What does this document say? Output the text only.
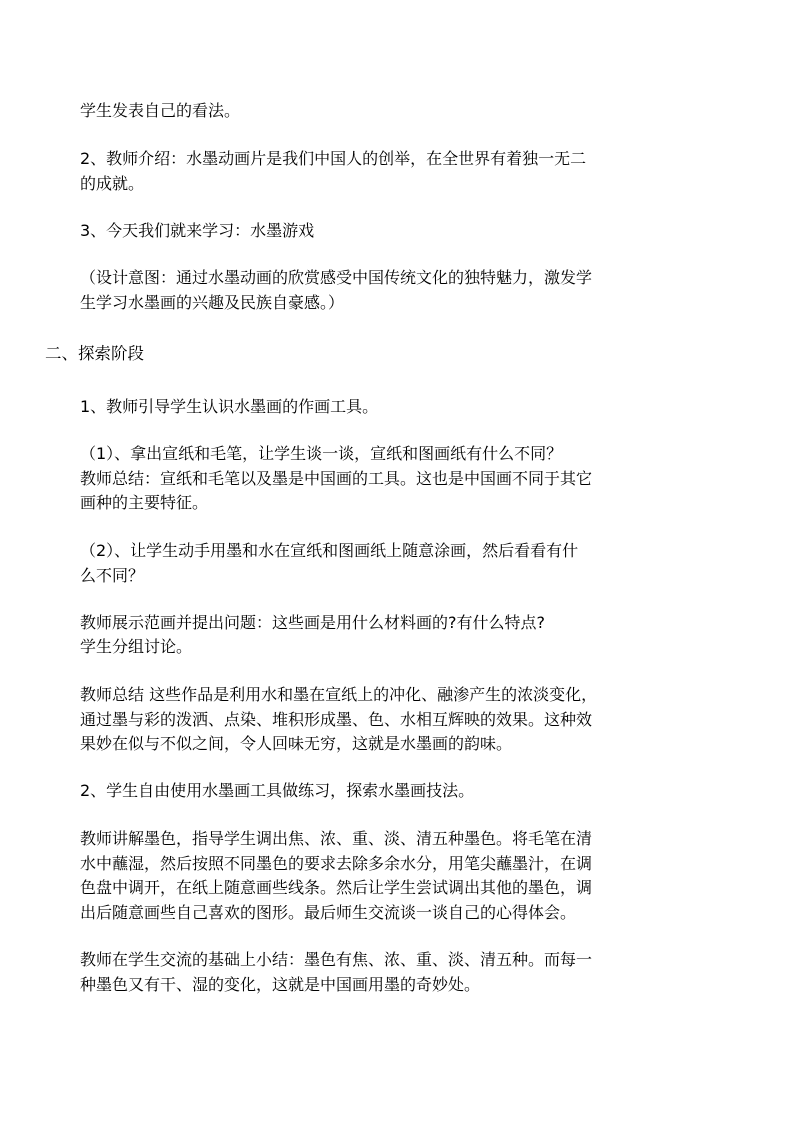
学生发表自己的看法。
2、教师介绍：水墨动画片是我们中国人的创举，在全世界有着独一无二
的成就。
3、今天我们就来学习：水墨游戏
（设计意图：通过水墨动画的欣赏感受中国传统文化的独特魅力，激发学
生学习水墨画的兴趣及民族自豪感。）
二、探索阶段
1、教师引导学生认识水墨画的作画工具。
（1）、拿出宣纸和毛笔，让学生谈一谈，宣纸和图画纸有什么不同？
教师总结：宣纸和毛笔以及墨是中国画的工具。这也是中国画不同于其它
画种的主要特征。
（2）、让学生动手用墨和水在宣纸和图画纸上随意涂画，然后看看有什
么不同？
教师展示范画并提出问题：这些画是用什么材料画的?有什么特点?
学生分组讨论。
教师总结 这些作品是利用水和墨在宣纸上的冲化、融渗产生的浓淡变化，
通过墨与彩的泼洒、点染、堆积形成墨、色、水相互辉映的效果。这种效
果妙在似与不似之间，令人回味无穷，这就是水墨画的韵味。
2、学生自由使用水墨画工具做练习，探索水墨画技法。
教师讲解墨色，指导学生调出焦、浓、重、淡、清五种墨色。将毛笔在清
水中蘸湿，然后按照不同墨色的要求去除多余水分，用笔尖蘸墨汁，在调
色盘中调开，在纸上随意画些线条。然后让学生尝试调出其他的墨色，调
出后随意画些自己喜欢的图形。最后师生交流谈一谈自己的心得体会。
教师在学生交流的基础上小结：墨色有焦、浓、重、淡、清五种。而每一
种墨色又有干、湿的变化，这就是中国画用墨的奇妙处。
